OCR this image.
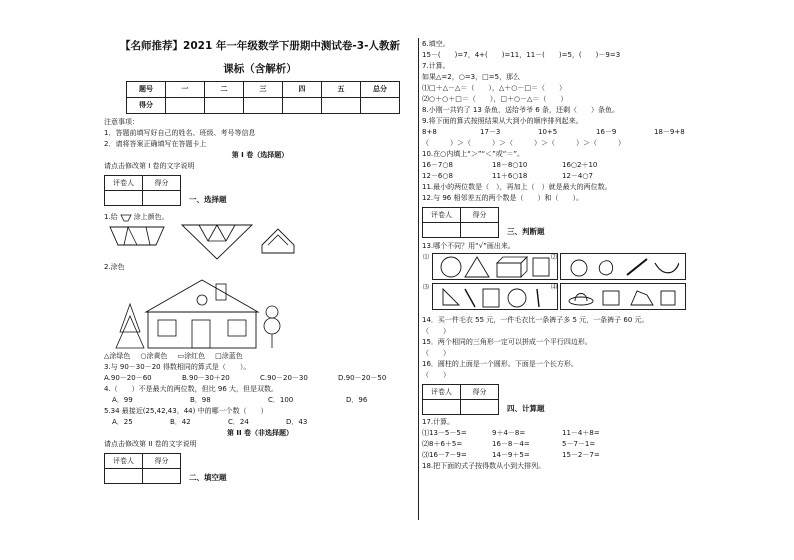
【名师推荐】2021 年一年级数学下册期中测试卷-3-人教新
课标（含解析）
题号	一	二	三	四	五	总分
得分						
注意事项：
1．答题前填写好自己的姓名、班级、考号等信息
2．请将答案正确填写在答题卡上
第 I 卷（选择题）
请点击修改第 I 卷的文字说明
评卷人	得分

一、选择题
1.给 涂上颜色。
2.涂色
△涂绿色 ○涂黄色 ▭涂红色 □涂蓝色
3.与 90－30－20 得数相同的算式是（　　）。
A.90－20－60	B.90－30＋20	C.90－20－30	D.90－20－50
4.（　　）不是最大的两位数，但比 96 大，但是双数。
A．99	B．98	C．100	D．96
5.34 最接近(25,42,43，44) 中的哪一个数（　　）
A．25	B．42	C．24	D．43
第 II 卷（非选择题）
请点击修改第 II 卷的文字说明
评卷人	得分

二、填空题
6.填空。
15－(　　)=7，4+(　　)=11，11－(　　)=5，(　　)－9=3
7.计算。
如果△=2，○=3，□=5，那么
⑴□＋△－△＝（　　），△＋○－□＝（　　）
⑵○＋○＋□＝（　　），□＋○－△＝（　　）
8.小刚一共钓了 13 条鱼，送给爷爷 6 条，还剩（　　）条鱼。
9.将下面的算式按照结果从大到小的顺序排列起来。
8+8	17－3	10+5	16－9	18－9+8
（　　　）＞（　　　）＞（　　　）＞（　　　）＞（　　　）
10.在○内填上“＞”“＜”或“＝”。
16－7○8	18－8○10	16○2＋10
12－6○8	11＋6○18	12－4○7
11.最小的两位数是（　），再加上（　）就是最大的两位数。
12.与 96 相邻差五的两个数是（　　）和（　　）。
评卷人	得分

三、判断题
13.哪个不同？用“√”画出来。
⑴	⑵
⑶	⑷
14．买一件毛衣 55 元，一件毛衣比一条裤子多 5 元，一条裤子 60 元。
（　　）
15．两个相同的三角形一定可以拼成一个平行四边形。
（　　）
16．圆柱的上面是一个圆形。下面是一个长方形。
（　　）
评卷人	得分

四、计算题
17.计算。
⑴13－5－5=	9＋4－8=	11－4＋8=
⑵8＋6＋5=	16－8－4=	5－7－1=
⑶16－7－9=	14－9＋5=	15－2－7=
18.把下面的式子按得数从小到大排列。
